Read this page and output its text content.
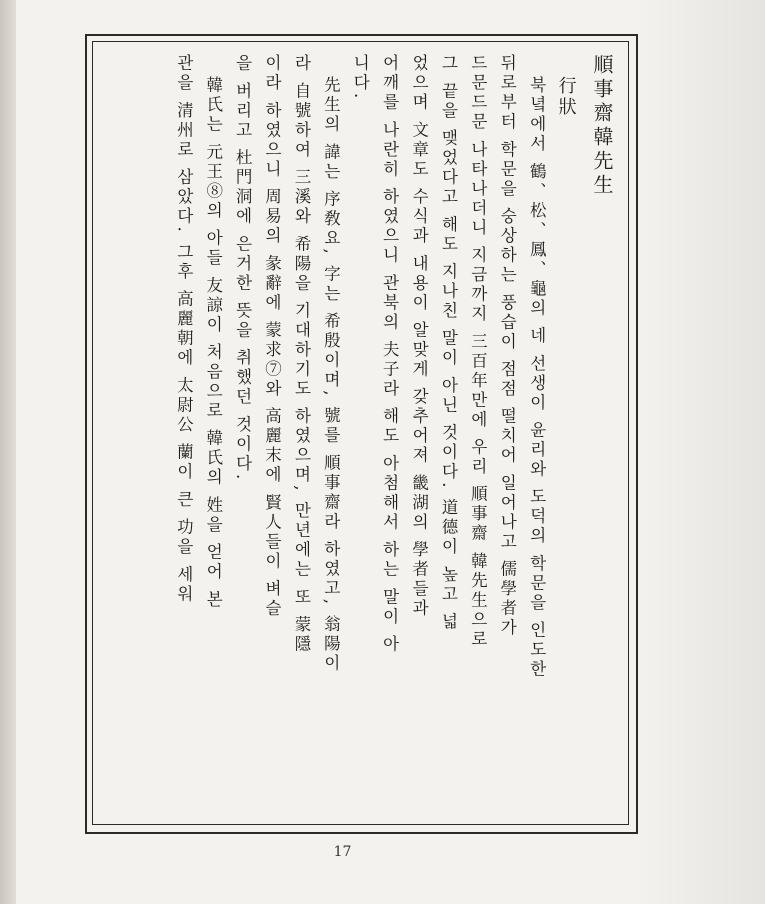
順事齋韓先生
行狀
북녘에서 鶴、松、鳳、龜의 네 선생이 윤리와 도덕의 학문을 인도한
뒤로부터 학문을 숭상하는 풍습이 점점 떨치어 일어나고 儒學者가
드문드문 나타나더니 지금까지 三百年만에 우리 順事齋 韓先生으로
그 끝을 맺었다고 해도 지나친 말이 아닌 것이다. 道德이 높고 넓
었으며 文章도 수식과 내용이 알맞게 갖추어져 畿湖의 學者들과
어깨를 나란히 하였으니 관북의 夫子라 해도 아첨해서 하는 말이 아
니다.
先生의 諱는 序敎요, 字는 希殷이며, 號를 順事齋라 하였고, 翁陽이
라 自號하여 三溪와 希陽을 기대하기도 하였으며, 만년에는 또 蒙隱
이라 하였으니 周易의 彖辭에 蒙求⑦와 高麗末에 賢人들이 벼슬
을 버리고 杜門洞에 은거한 뜻을 취했던 것이다.
韓氏는 元王⑧의 아들 友諒이 처음으로 韓氏의 姓을 얻어 본
관을 清州로 삼았다. 그후 高麗朝에 太尉公 蘭이 큰 功을 세워
17
